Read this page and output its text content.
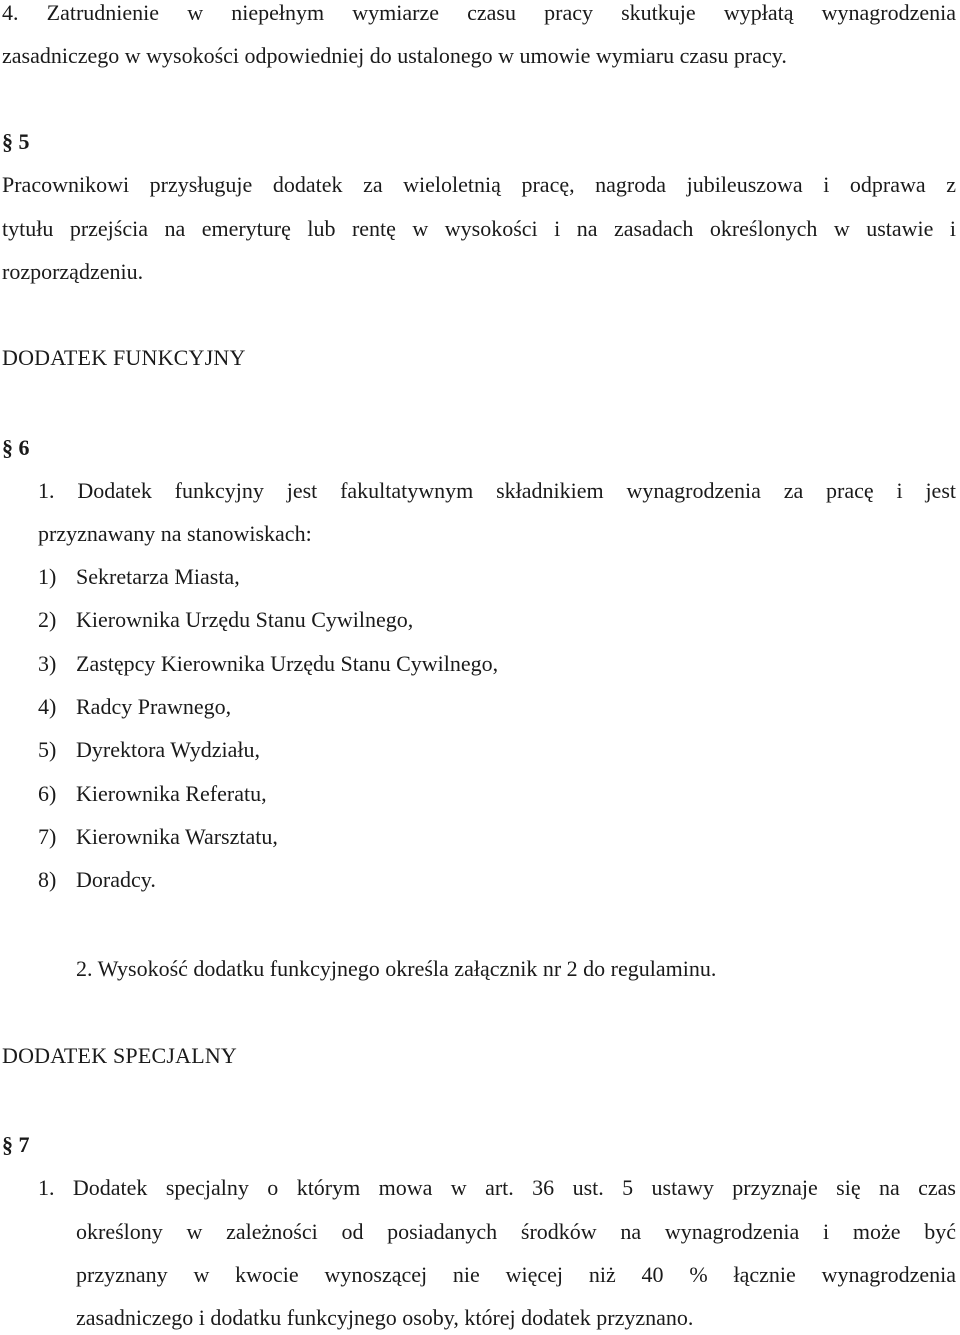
4. Zatrudnienie w niepełnym wymiarze czasu pracy skutkuje wypłatą wynagrodzenia
zasadniczego w wysokości odpowiedniej do ustalonego w umowie wymiaru czasu pracy.
§ 5
Pracownikowi przysługuje dodatek za wieloletnią pracę, nagroda jubileuszowa i odprawa z
tytułu przejścia na emeryturę lub rentę w wysokości i na zasadach określonych w ustawie i
rozporządzeniu.
DODATEK FUNKCYJNY
§ 6
1. Dodatek funkcyjny jest fakultatywnym składnikiem wynagrodzenia za pracę i jest
przyznawany na stanowiskach:
1) Sekretarza Miasta,
2) Kierownika Urzędu Stanu Cywilnego,
3) Zastępcy Kierownika Urzędu Stanu Cywilnego,
4) Radcy Prawnego,
5) Dyrektora Wydziału,
6) Kierownika Referatu,
7) Kierownika Warsztatu,
8) Doradcy.
2. Wysokość dodatku funkcyjnego określa załącznik nr 2 do regulaminu.
DODATEK SPECJALNY
§ 7
1. Dodatek specjalny o którym mowa w art. 36 ust. 5 ustawy przyznaje się na czas
określony w zależności od posiadanych środków na wynagrodzenia i może być
przyznany w kwocie wynoszącej nie więcej niż 40 % łącznie wynagrodzenia
zasadniczego i dodatku funkcyjnego osoby, której dodatek przyznano.
